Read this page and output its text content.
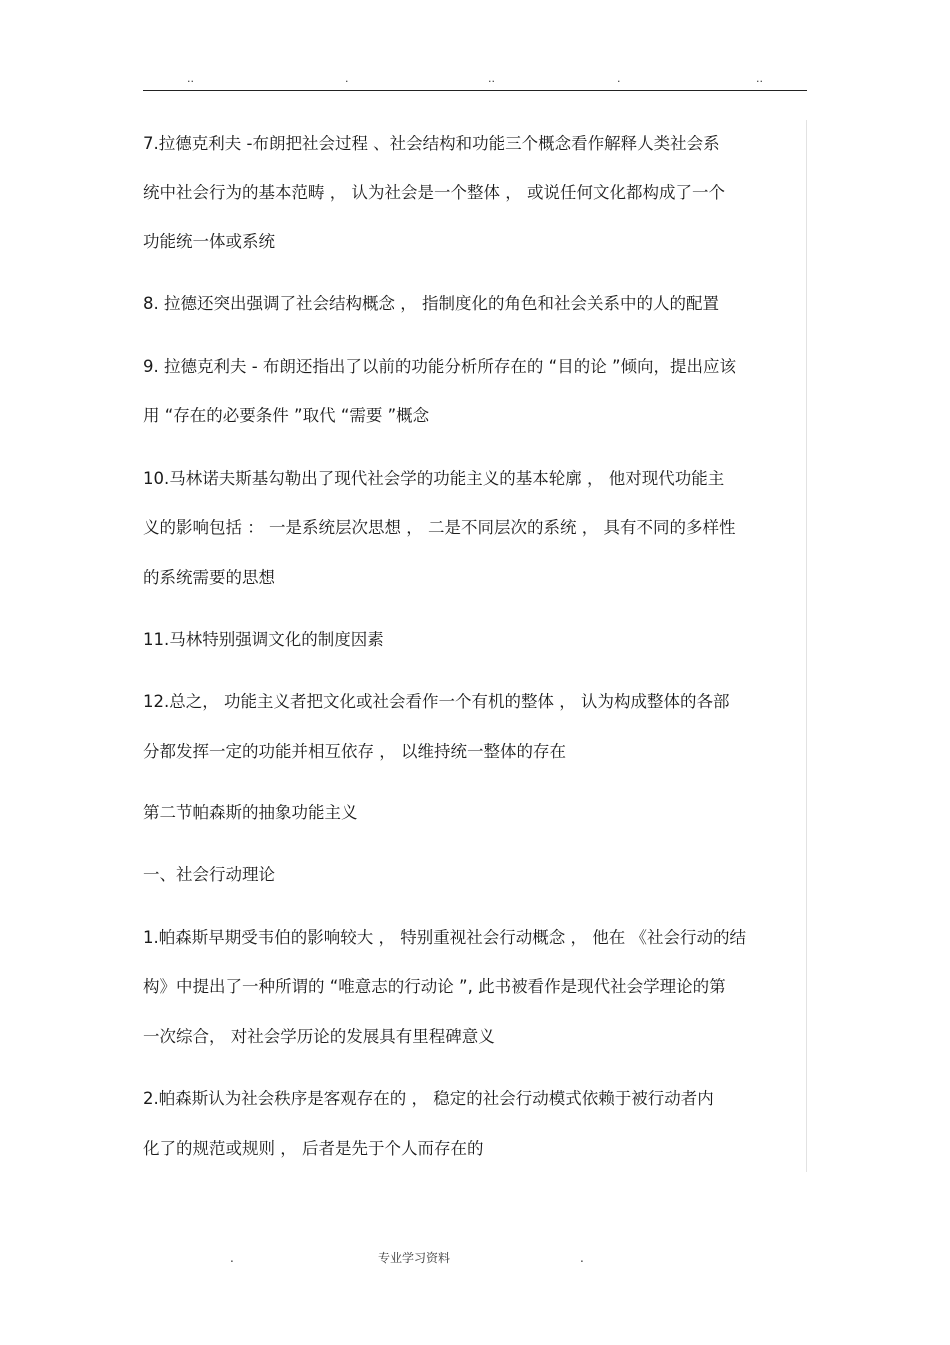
..	.	..	.	..
7.拉德克利夫 -布朗把社会过程 、社会结构和功能三个概念看作解释人类社会系
统中社会行为的基本范畴 ， 认为社会是一个整体 ， 或说任何文化都构成了一个
功能统一体或系统
8. 拉德还突出强调了社会结构概念 ， 指制度化的角色和社会关系中的人的配置
9. 拉德克利夫 - 布朗还指出了以前的功能分析所存在的 “目的论 ”倾向，提出应该
用 “存在的必要条件 ”取代 “需要 ”概念
10.马林诺夫斯基勾勒出了现代社会学的功能主义的基本轮廓 ， 他对现代功能主
义的影响包括 ： 一是系统层次思想 ， 二是不同层次的系统 ， 具有不同的多样性
的系统需要的思想
11.马林特别强调文化的制度因素
12.总之， 功能主义者把文化或社会看作一个有机的整体 ， 认为构成整体的各部
分都发挥一定的功能并相互依存 ， 以维持统一整体的存在
第二节帕森斯的抽象功能主义
一、社会行动理论
1.帕森斯早期受韦伯的影响较大 ， 特别重视社会行动概念 ， 他在 《社会行动的结
构》中提出了一种所谓的 “唯意志的行动论 ”, 此书被看作是现代社会学理论的第
一次综合， 对社会学历论的发展具有里程碑意义
2.帕森斯认为社会秩序是客观存在的 ， 稳定的社会行动模式依赖于被行动者内
化了的规范或规则 ， 后者是先于个人而存在的
.	专业学习资料	.
